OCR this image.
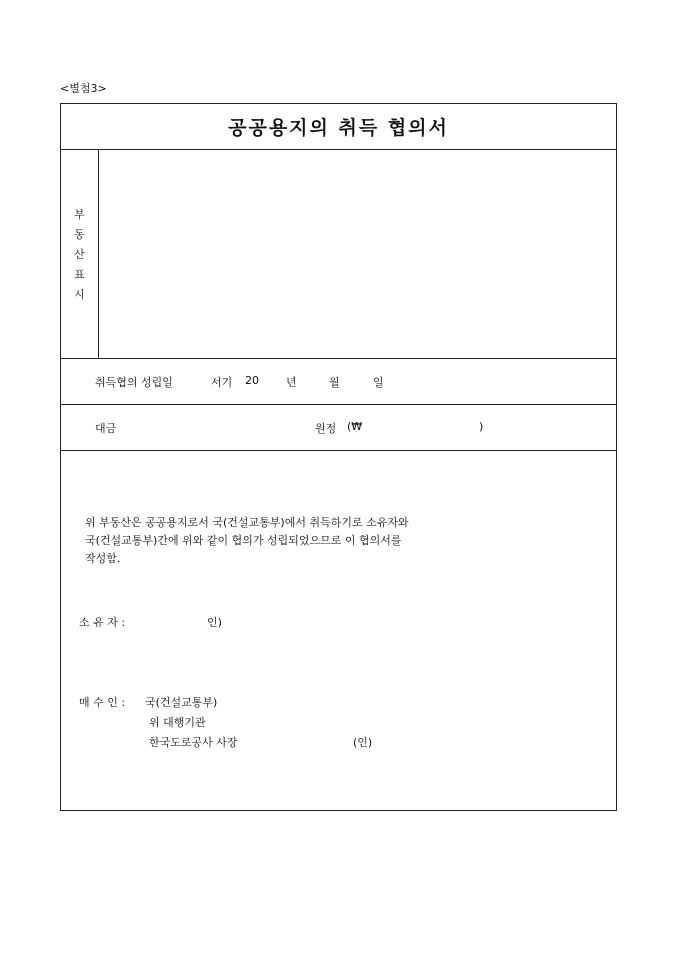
<별첨3>
공공용지의 취득 협의서
부
동
산
표
시
취득협의 성립일	서기 20 년	월	일
대금	원정 (₩	)
위 부동산은 공공용지로서 국(건설교통부)에서 취득하기로 소유자와
국(건설교통부)간에 위와 같이 협의가 성립되었으므로 이 협의서를
작성함.
소 유 자 :	인)
매 수 인 : 국(건설교통부)
위 대행기관
한국도로공사 사장	(인)
